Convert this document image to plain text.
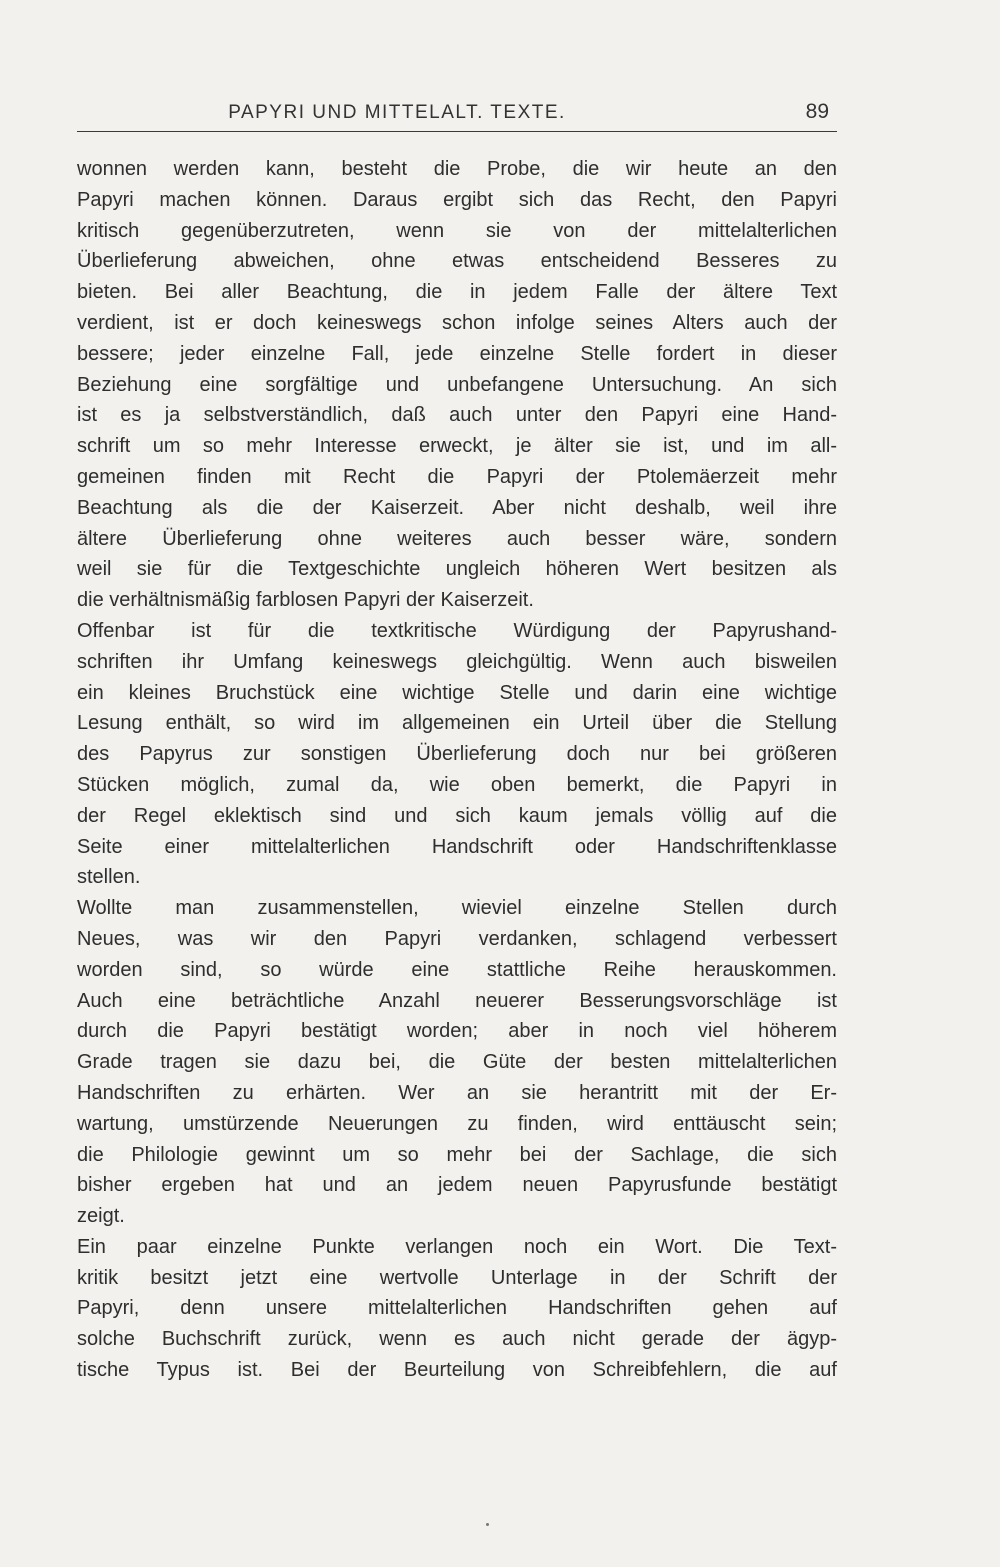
PAPYRI UND MITTELALT. TEXTE.	89
wonnen werden kann, besteht die Probe, die wir heute an den
Papyri machen können. Daraus ergibt sich das Recht, den Papyri
kritisch gegenüberzutreten, wenn sie von der mittelalterlichen
Überlieferung abweichen, ohne etwas entscheidend Besseres zu
bieten. Bei aller Beachtung, die in jedem Falle der ältere Text
verdient, ist er doch keineswegs schon infolge seines Alters auch der
bessere; jeder einzelne Fall, jede einzelne Stelle fordert in dieser
Beziehung eine sorgfältige und unbefangene Untersuchung. An sich
ist es ja selbstverständlich, daß auch unter den Papyri eine Hand-
schrift um so mehr Interesse erweckt, je älter sie ist, und im all-
gemeinen finden mit Recht die Papyri der Ptolemäerzeit mehr
Beachtung als die der Kaiserzeit. Aber nicht deshalb, weil ihre
ältere Überlieferung ohne weiteres auch besser wäre, sondern
weil sie für die Textgeschichte ungleich höheren Wert besitzen als
die verhältnismäßig farblosen Papyri der Kaiserzeit.
Offenbar ist für die textkritische Würdigung der Papyrushand-
schriften ihr Umfang keineswegs gleichgültig. Wenn auch bisweilen
ein kleines Bruchstück eine wichtige Stelle und darin eine wichtige
Lesung enthält, so wird im allgemeinen ein Urteil über die Stellung
des Papyrus zur sonstigen Überlieferung doch nur bei größeren
Stücken möglich, zumal da, wie oben bemerkt, die Papyri in
der Regel eklektisch sind und sich kaum jemals völlig auf die
Seite einer mittelalterlichen Handschrift oder Handschriftenklasse
stellen.
Wollte man zusammenstellen, wieviel einzelne Stellen durch
Neues, was wir den Papyri verdanken, schlagend verbessert
worden sind, so würde eine stattliche Reihe herauskommen.
Auch eine beträchtliche Anzahl neuerer Besserungsvorschläge ist
durch die Papyri bestätigt worden; aber in noch viel höherem
Grade tragen sie dazu bei, die Güte der besten mittelalterlichen
Handschriften zu erhärten. Wer an sie herantritt mit der Er-
wartung, umstürzende Neuerungen zu finden, wird enttäuscht sein;
die Philologie gewinnt um so mehr bei der Sachlage, die sich
bisher ergeben hat und an jedem neuen Papyrusfunde bestätigt
zeigt.
Ein paar einzelne Punkte verlangen noch ein Wort. Die Text-
kritik besitzt jetzt eine wertvolle Unterlage in der Schrift der
Papyri, denn unsere mittelalterlichen Handschriften gehen auf
solche Buchschrift zurück, wenn es auch nicht gerade der ägyp-
tische Typus ist. Bei der Beurteilung von Schreibfehlern, die auf
